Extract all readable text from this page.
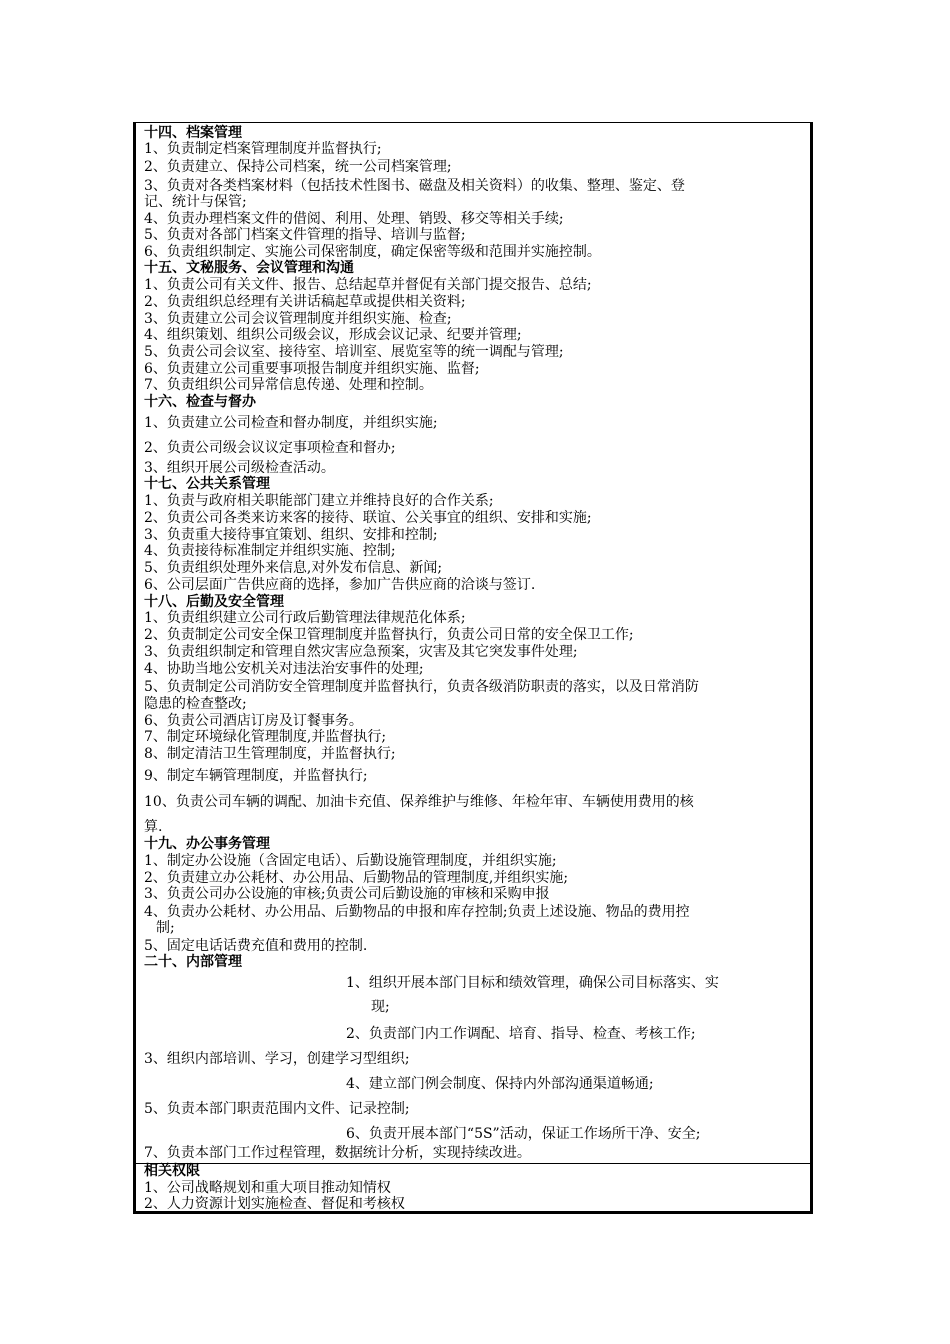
十四、档案管理
1、负责制定档案管理制度并监督执行;
2、负责建立、保持公司档案，统一公司档案管理;
3、负责对各类档案材料（包括技术性图书、磁盘及相关资料）的收集、整理、鉴定、登
记、统计与保管;
4、负责办理档案文件的借阅、利用、处理、销毁、移交等相关手续;
5、负责对各部门档案文件管理的指导、培训与监督;
6、负责组织制定、实施公司保密制度，确定保密等级和范围并实施控制。
十五、文秘服务、会议管理和沟通
1、负责公司有关文件、报告、总结起草并督促有关部门提交报告、总结;
2、负责组织总经理有关讲话稿起草或提供相关资料;
3、负责建立公司会议管理制度并组织实施、检查;
4、组织策划、组织公司级会议，形成会议记录、纪要并管理;
5、负责公司会议室、接待室、培训室、展览室等的统一调配与管理;
6、负责建立公司重要事项报告制度并组织实施、监督;
7、负责组织公司异常信息传递、处理和控制。
十六、检查与督办
1、负责建立公司检查和督办制度，并组织实施;
2、负责公司级会议议定事项检查和督办;
3、组织开展公司级检查活动。
十七、公共关系管理
1、负责与政府相关职能部门建立并维持良好的合作关系;
2、负责公司各类来访来客的接待、联谊、公关事宜的组织、安排和实施;
3、负责重大接待事宜策划、组织、安排和控制;
4、负责接待标准制定并组织实施、控制;
5、负责组织处理外来信息,对外发布信息、新闻;
6、公司层面广告供应商的选择，参加广告供应商的洽谈与签订.
十八、后勤及安全管理
1、负责组织建立公司行政后勤管理法律规范化体系;
2、负责制定公司安全保卫管理制度并监督执行，负责公司日常的安全保卫工作;
3、负责组织制定和管理自然灾害应急预案，灾害及其它突发事件处理;
4、协助当地公安机关对违法治安事件的处理;
5、负责制定公司消防安全管理制度并监督执行，负责各级消防职责的落实，以及日常消防
隐患的检查整改;
6、负责公司酒店订房及订餐事务。
7、制定环境绿化管理制度,并监督执行;
8、制定清洁卫生管理制度，并监督执行;
9、制定车辆管理制度，并监督执行;
10、负责公司车辆的调配、加油卡充值、保养维护与维修、年检年审、车辆使用费用的核
算.
十九、办公事务管理
1、制定办公设施（含固定电话）、后勤设施管理制度，并组织实施;
2、负责建立办公耗材、办公用品、后勤物品的管理制度,并组织实施;
3、负责公司办公设施的审核;负责公司后勤设施的审核和采购申报
4、负责办公耗材、办公用品、后勤物品的申报和库存控制;负责上述设施、物品的费用控
制;
5、固定电话话费充值和费用的控制.
二十、内部管理
1、组织开展本部门目标和绩效管理，确保公司目标落实、实
现;
2、负责部门内工作调配、培育、指导、检查、考核工作;
3、组织内部培训、学习，创建学习型组织;
4、建立部门例会制度、保持内外部沟通渠道畅通;
5、负责本部门职责范围内文件、记录控制;
6、负责开展本部门“5S”活动，保证工作场所干净、安全;
7、负责本部门工作过程管理，数据统计分析，实现持续改进。
相关权限
1、公司战略规划和重大项目推动知情权
2、人力资源计划实施检查、督促和考核权
